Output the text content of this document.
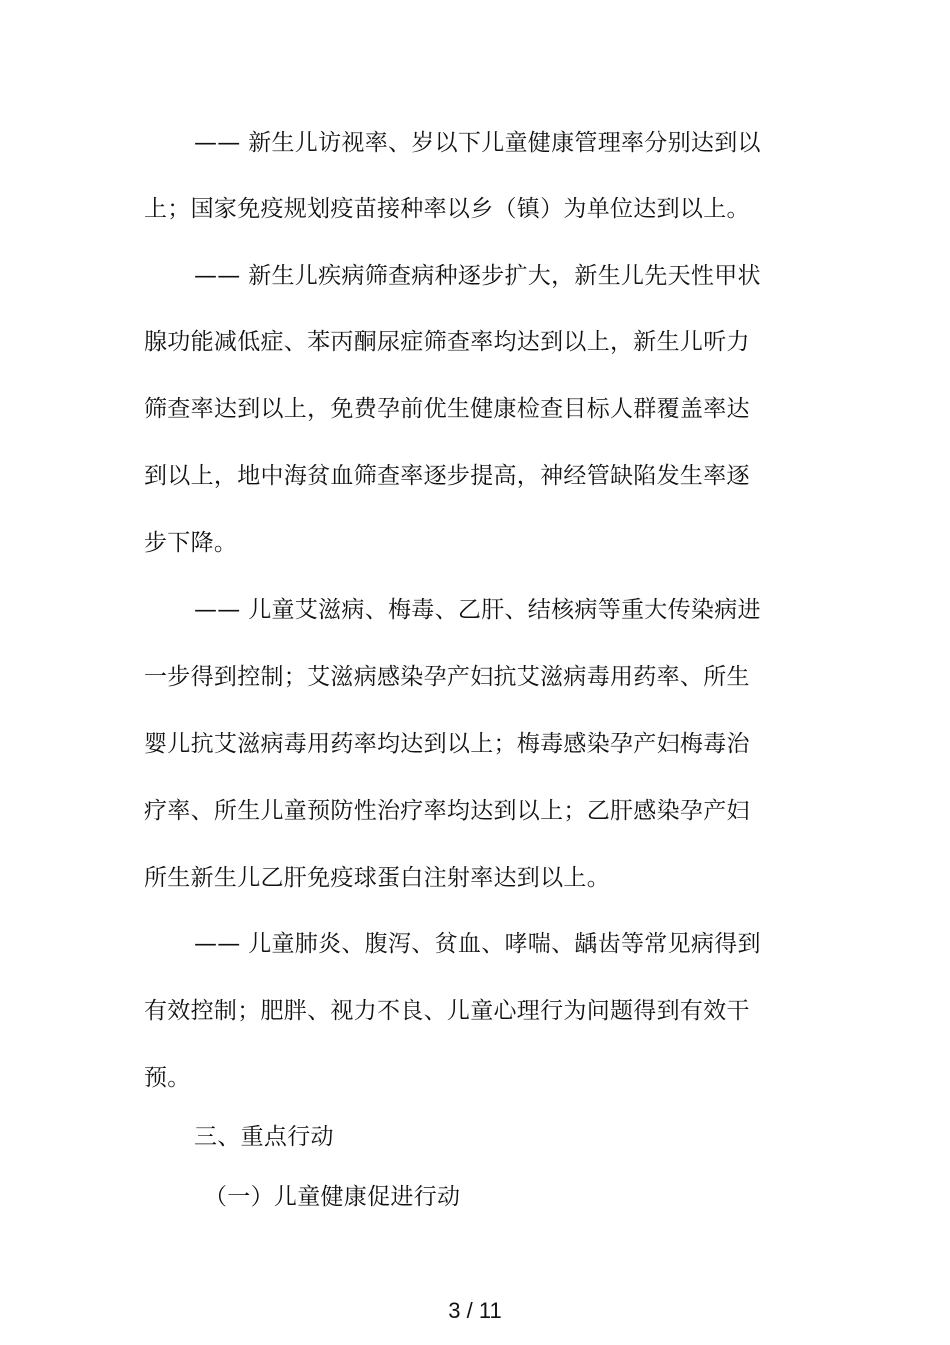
—— 新生儿访视率、岁以下儿童健康管理率分别达到以
上；国家免疫规划疫苗接种率以乡（镇）为单位达到以上。
—— 新生儿疾病筛查病种逐步扩大，新生儿先天性甲状
腺功能减低症、苯丙酮尿症筛查率均达到以上，新生儿听力
筛查率达到以上，免费孕前优生健康检查目标人群覆盖率达
到以上，地中海贫血筛查率逐步提高，神经管缺陷发生率逐
步下降。
—— 儿童艾滋病、梅毒、乙肝、结核病等重大传染病进
一步得到控制；艾滋病感染孕产妇抗艾滋病毒用药率、所生
婴儿抗艾滋病毒用药率均达到以上；梅毒感染孕产妇梅毒治
疗率、所生儿童预防性治疗率均达到以上；乙肝感染孕产妇
所生新生儿乙肝免疫球蛋白注射率达到以上。
—— 儿童肺炎、腹泻、贫血、哮喘、龋齿等常见病得到
有效控制；肥胖、视力不良、儿童心理行为问题得到有效干
预。
三、重点行动
（一）儿童健康促进行动
3 / 11
